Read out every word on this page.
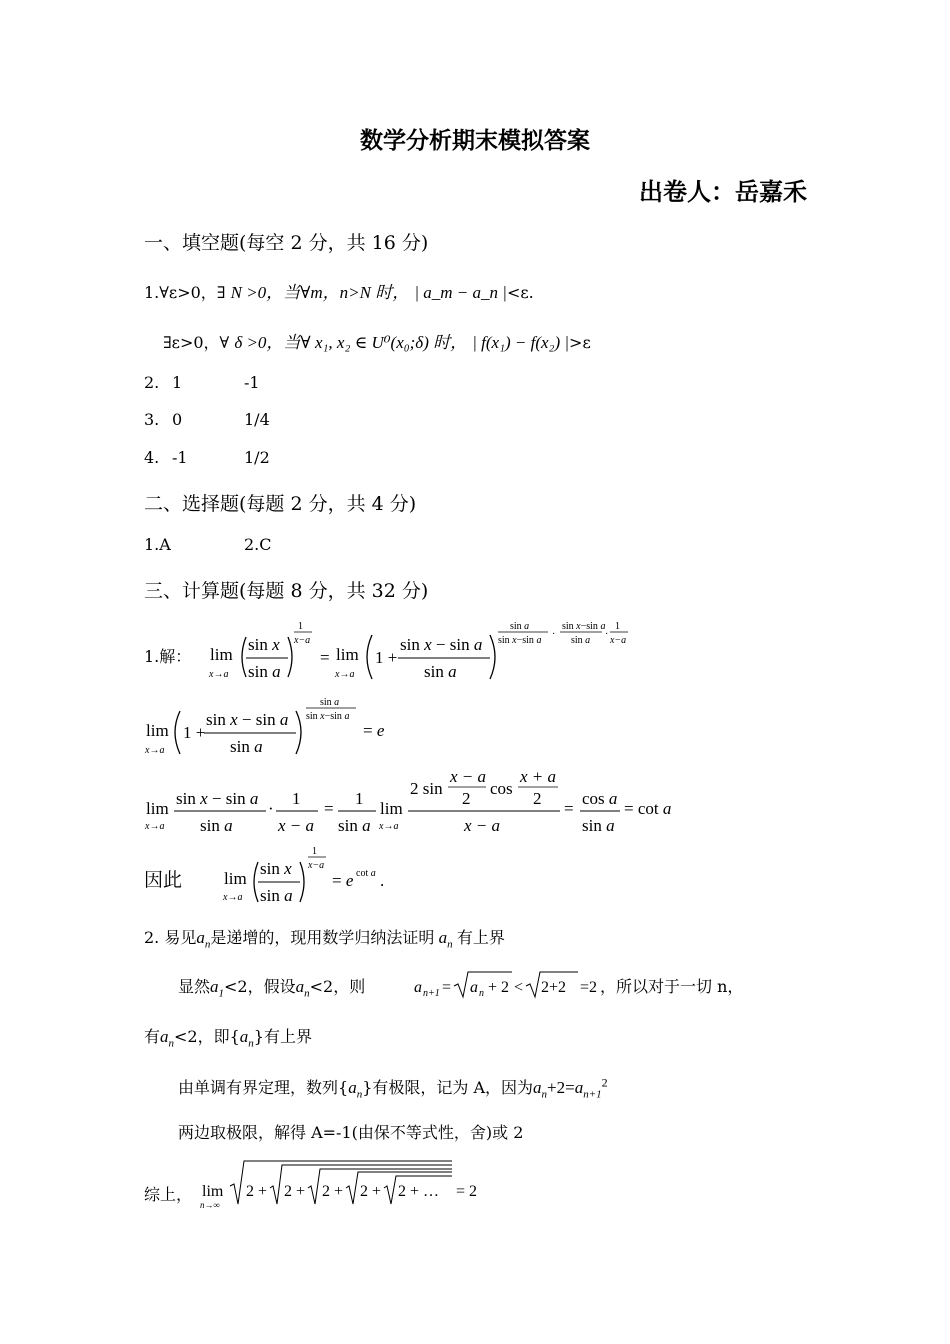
数学分析期末模拟答案
出卷人：岳嘉禾
一、填空题(每空 2 分，共 16 分)
1.∀ε>0，∃ N >0，当∀m，n>N 时， | a_m − a_n |<ε.
∃ε>0，∀ δ >0，当∀ x₁, x₂ ∈ U⁰(x₀;δ) 时， | f(x₁) − f(x₂) |>ε
2. 1	-1
3. 0	1/4
4. -1	1/2
二、选择题(每题 2 分，共 4 分)
1.A	2.C
三、计算题(每题 8 分，共 32 分)
1.解： lim
x→a
sin x
sin a
1
x−a
= lim
x→a
1 +
sin x − sin a
sin a
sin a
sin x−sin a
·
sin x−sin a
sin a
·
1
x−a
lim
x→a
1 +
sin x − sin a
sin a
sin a
sin x−sin a
= e
lim
x→a
sin x − sin a
sin a
·
1
x − a
=
1
sin a
lim
x→a
2 sin
x − a
2
cos
x + a
2
x − a
=
cos a
sin a
= cot a
因此 lim
x→a
sin x
sin a
1
x−a
= e cot a .
2. 易见$a_n$是递增的，现用数学归纳法证明 $a_n$ 有上界
显然$a_1<2$，假设$a_n<2$，则	a n+1 = a n + 2 < 2+2 =2 ，所以对于一切 n，
有$a_n<2$，即$\{a_n\}$有上界
由单调有界定理，数列$\{a_n\}$有极限，记为 A，因为$a_n+2=a_{n+1}^2$
两边取极限，解得 A=-1(由保不等式性，舍)或 2
综上， lim
n→∞
2 + 2 + 2 + 2 + 2 + … = 2
